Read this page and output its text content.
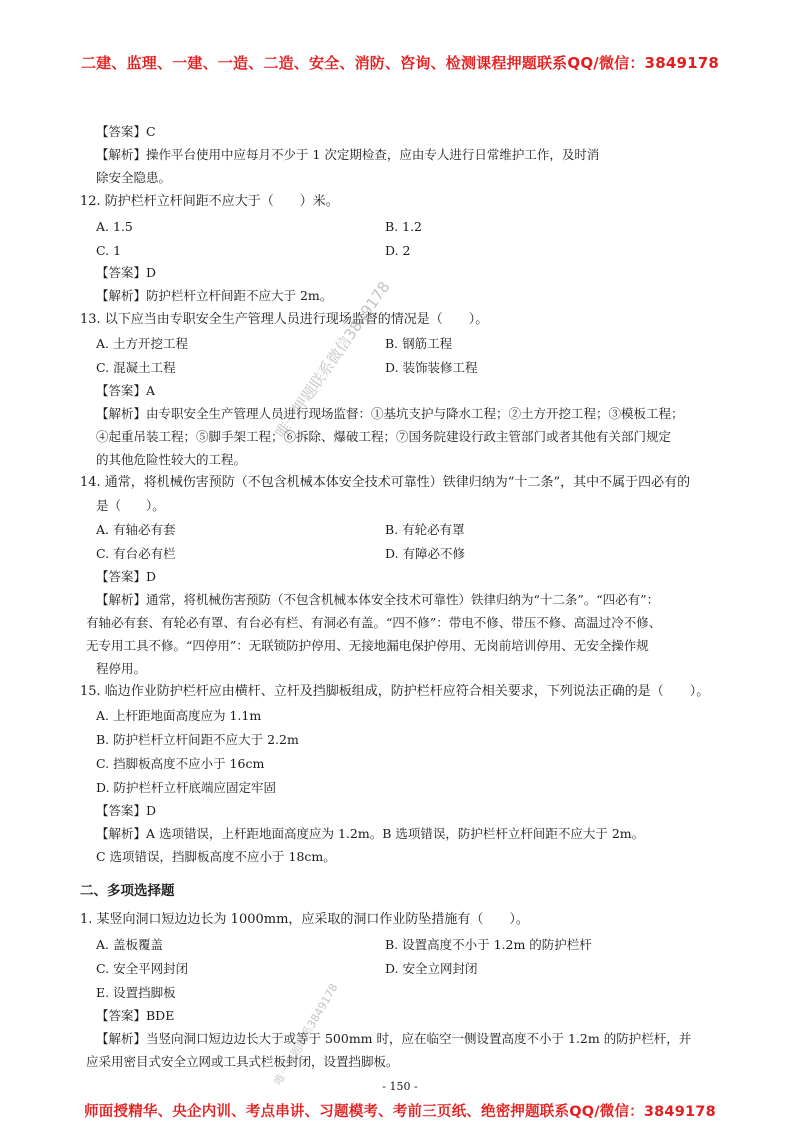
二建、监理、一建、一造、二造、安全、消防、咨询、检测课程押题联系QQ/微信：3849178
【答案】C
【解析】操作平台使用中应每月不少于 1 次定期检查，应由专人进行日常维护工作，及时消
除安全隐患。
12. 防护栏杆立杆间距不应大于（　　）米。
A. 1.5	B. 1.2
C. 1	D. 2
【答案】D
【解析】防护栏杆立杆间距不应大于 2m。
13. 以下应当由专职安全生产管理人员进行现场监督的情况是（　　）。
A. 土方开挖工程	B. 钢筋工程
C. 混凝土工程	D. 装饰装修工程
【答案】A
【解析】由专职安全生产管理人员进行现场监督：①基坑支护与降水工程；②土方开挖工程；③模板工程；
④起重吊装工程；⑤脚手架工程；⑥拆除、爆破工程；⑦国务院建设行政主管部门或者其他有关部门规定
的其他危险性较大的工程。
14. 通常，将机械伤害预防（不包含机械本体安全技术可靠性）铁律归纳为“十二条”，其中不属于四必有的
是（　　）。
A. 有轴必有套	B. 有轮必有罩
C. 有台必有栏	D. 有障必不修
【答案】D
【解析】通常，将机械伤害预防（不包含机械本体安全技术可靠性）铁律归纳为“十二条”。“四必有”：
有轴必有套、有轮必有罩、有台必有栏、有洞必有盖。“四不修”：带电不修、带压不修、高温过冷不修、
无专用工具不修。“四停用”：无联锁防护停用、无接地漏电保护停用、无岗前培训停用、无安全操作规
程停用。
15. 临边作业防护栏杆应由横杆、立杆及挡脚板组成，防护栏杆应符合相关要求，下列说法正确的是（　　）。
A. 上杆距地面高度应为 1.1m
B. 防护栏杆立杆间距不应大于 2.2m
C. 挡脚板高度不应小于 16cm
D. 防护栏杆立杆底端应固定牢固
【答案】D
【解析】A 选项错误，上杆距地面高度应为 1.2m。B 选项错误，防护栏杆立杆间距不应大于 2m。
C 选项错误，挡脚板高度不应小于 18cm。
二、多项选择题
1. 某竖向洞口短边边长为 1000mm，应采取的洞口作业防坠措施有（　　）。
A. 盖板覆盖	B. 设置高度不小于 1.2m 的防护栏杆
C. 安全平网封闭	D. 安全立网封闭
E. 设置挡脚板
【答案】BDE
【解析】当竖向洞口短边边长大于或等于 500mm 时，应在临空一侧设置高度不小于 1.2m 的防护栏杆，并
应采用密目式安全立网或工具式栏板封闭，设置挡脚板。
- 150 -
唯一押题联系微信3849178
唯一押题联系3849178
师面授精华、央企内训、考点串讲、习题模考、考前三页纸、绝密押题联系QQ/微信：3849178
